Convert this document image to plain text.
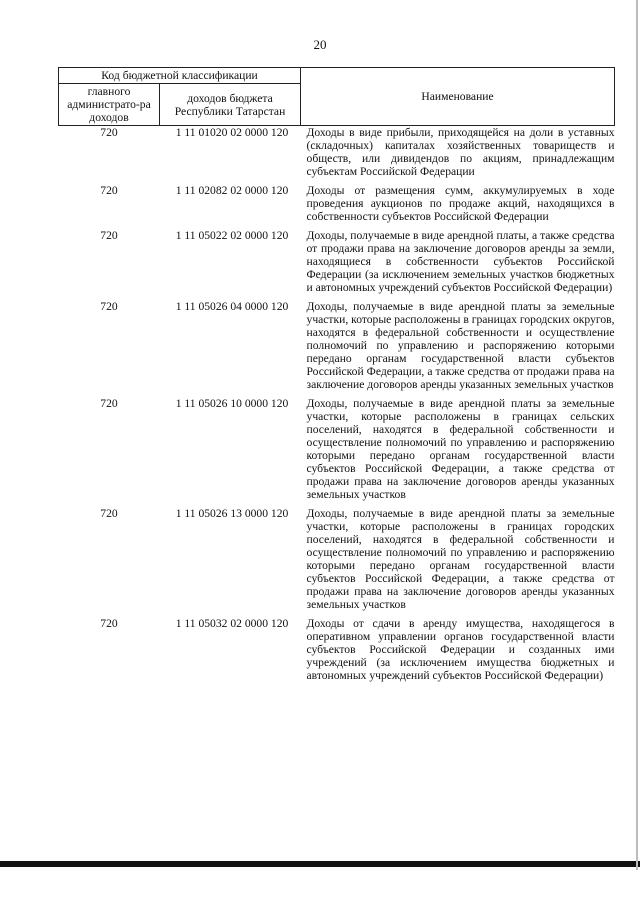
20
Код бюджетной классификации		Наименование
главного администрато-ра доходов	доходов бюджета Республики Татарстан	
720	1 11 01020 02 0000 120	Доходы в виде прибыли, приходящейся на доли в уставных (складочных) капиталах хозяйственных товариществ и обществ, или дивидендов по акциям, принадлежащим субъектам Российской Федерации
720	1 11 02082 02 0000 120	Доходы от размещения сумм, аккумулируемых в ходе проведения аукционов по продаже акций, находящихся в собственности субъектов Российской Федерации
720	1 11 05022 02 0000 120	Доходы, получаемые в виде арендной платы, а также средства от продажи права на заключение договоров аренды за земли, находящиеся в собственности субъектов Российской Федерации (за исключением земельных участков бюджетных и автономных учреждений субъектов Российской Федерации)
720	1 11 05026 04 0000 120	Доходы, получаемые в виде арендной платы за земельные участки, которые расположены в границах городских округов, находятся в федеральной собственности и осуществление полномочий по управлению и распоряжению которыми передано органам государственной власти субъектов Российской Федерации, а также средства от продажи права на заключение договоров аренды указанных земельных участков
720	1 11 05026 10 0000 120	Доходы, получаемые в виде арендной платы за земельные участки, которые расположены в границах сельских поселений, находятся в федеральной собственности и осуществление полномочий по управлению и распоряжению которыми передано органам государственной власти субъектов Российской Федерации, а также средства от продажи права на заключение договоров аренды указанных земельных участков
720	1 11 05026 13 0000 120	Доходы, получаемые в виде арендной платы за земельные участки, которые расположены в границах городских поселений, находятся в федеральной собственности и осуществление полномочий по управлению и распоряжению которыми передано органам государственной власти субъектов Российской Федерации, а также средства от продажи права на заключение договоров аренды указанных земельных участков
720	1 11 05032 02 0000 120	Доходы от сдачи в аренду имущества, находящегося в оперативном управлении органов государственной власти субъектов Российской Федерации и созданных ими учреждений (за исключением имущества бюджетных и автономных учреждений субъектов Российской Федерации)
